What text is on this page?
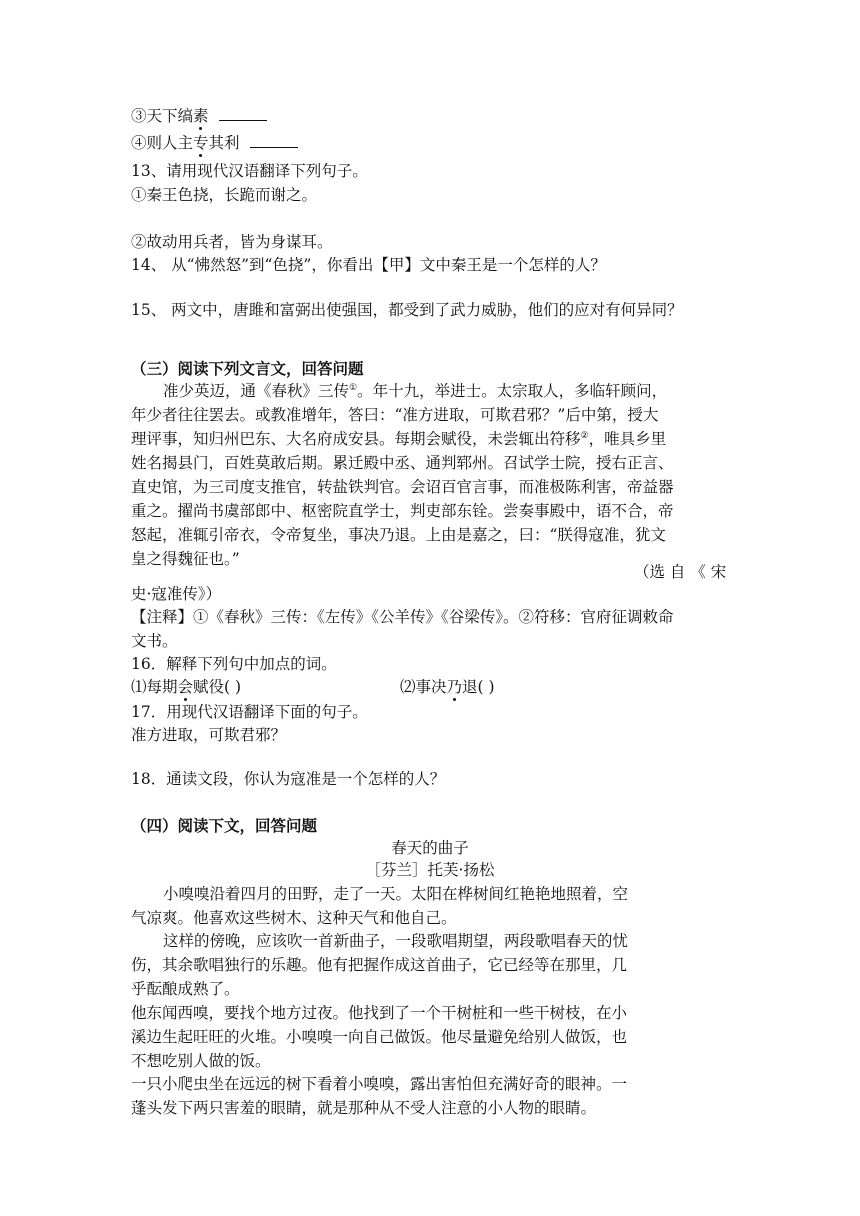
③天下缟素
④则人主专其利
13、请用现代汉语翻译下列句子。
①秦王色挠，长跪而谢之。
②故动用兵者，皆为身谋耳。
14、 从“怫然怒”到“色挠”，你看出【甲】文中秦王是一个怎样的人？
15、 两文中，唐雎和富弼出使强国，都受到了武力威胁，他们的应对有何异同？
（三）阅读下列文言文，回答问题
准少英迈，通《春秋》三传①。年十九，举进士。太宗取人，多临轩顾问，
年少者往往罢去。或教准增年，答曰：“准方进取，可欺君邪？”后中第，授大
理评事，知归州巴东、大名府成安县。每期会赋役，未尝辄出符移②，唯具乡里
姓名揭县门，百姓莫敢后期。累迁殿中丞、通判郓州。召试学士院，授右正言、
直史馆，为三司度支推官，转盐铁判官。会诏百官言事，而准极陈利害，帝益器
重之。擢尚书虞部郎中、枢密院直学士，判吏部东铨。尝奏事殿中，语不合，帝
怒起，准辄引帝衣，令帝复坐，事决乃退。上由是嘉之，曰：“朕得寇准，犹文
皇之得魏征也。”
（选 自 《 宋
史·寇准传》）
【注释】①《春秋》三传：《左传》《公羊传》《谷梁传》。②符移：官府征调敕命
文书。
16．解释下列句中加点的词。
⑴每期会赋役( )	⑵事决乃退( )
17．用现代汉语翻译下面的句子。
准方进取，可欺君邪？
18．通读文段，你认为寇准是一个怎样的人？
（四）阅读下文，回答问题
春天的曲子
［芬兰］托芙·扬松
小嗅嗅沿着四月的田野，走了一天。太阳在桦树间红艳艳地照着，空
气凉爽。他喜欢这些树木、这种天气和他自己。
这样的傍晚，应该吹一首新曲子，一段歌唱期望，两段歌唱春天的忧
伤，其余歌唱独行的乐趣。他有把握作成这首曲子，它已经等在那里，几
乎酝酿成熟了。
他东闻西嗅，要找个地方过夜。他找到了一个干树桩和一些干树枝，在小
溪边生起旺旺的火堆。小嗅嗅一向自己做饭。他尽量避免给别人做饭，也
不想吃别人做的饭。
一只小爬虫坐在远远的树下看着小嗅嗅，露出害怕但充满好奇的眼神。一
蓬头发下两只害羞的眼睛，就是那种从不受人注意的小人物的眼睛。
